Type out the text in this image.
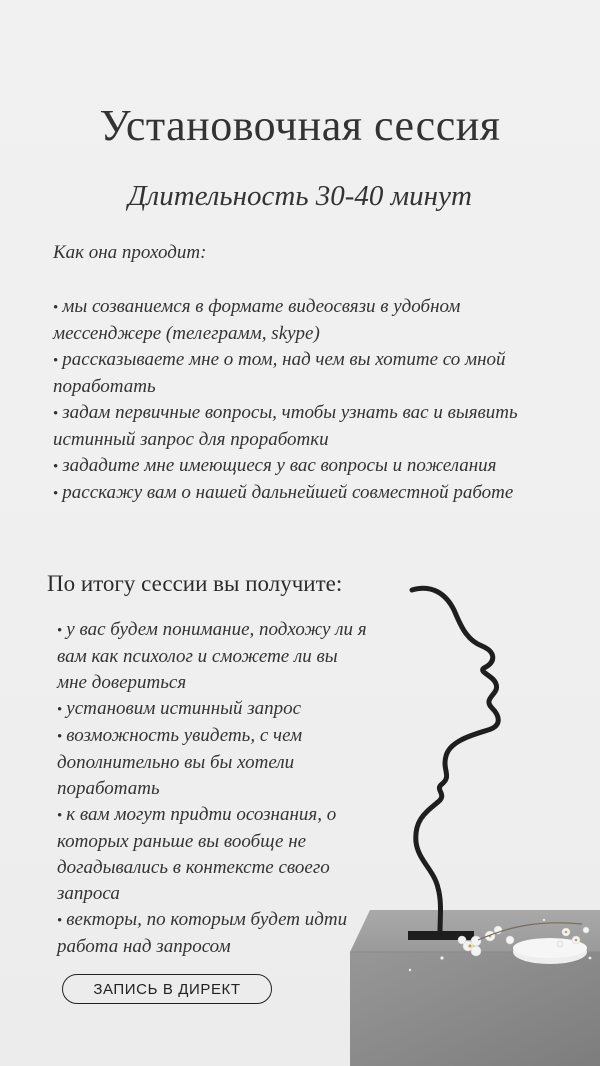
Установочная сессия
Длительность 30-40 минут
Как она проходит:
• мы созваниемся в формате видеосвязи в удобном мессенджере (телеграмм, skype)
• рассказываете мне о том, над чем вы хотите со мной поработать
• задам первичные вопросы, чтобы узнать вас и выявить истинный запрос для проработки
• зададите мне имеющиеся у вас вопросы и пожелания
• расскажу вам о нашей дальнейшей совместной работе
По итогу сессии вы получите:
• у вас будем понимание, подхожу ли я вам как психолог и сможете ли вы мне довериться
• установим истинный запрос
• возможность увидеть, с чем дополнительно вы бы хотели поработать
• к вам могут придти осознания, о которых раньше вы вообще не догадывались в контексте своего запроса
• векторы, по которым будет идти работа над запросом
ЗАПИСЬ В ДИРЕКТ
